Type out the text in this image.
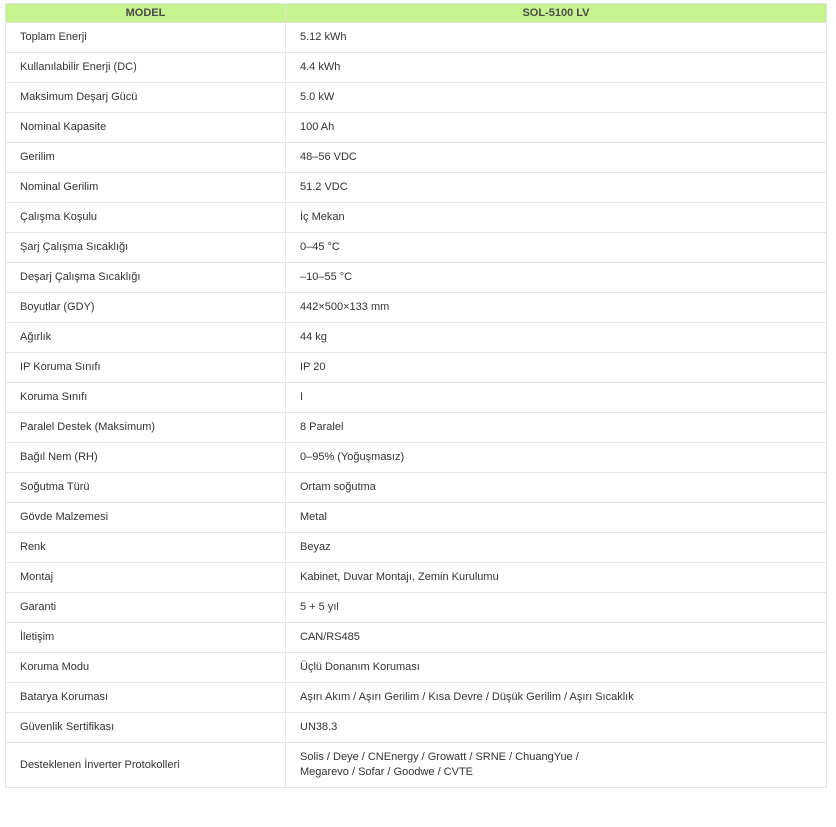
MODEL	SOL-5100 LV
Toplam Enerji	5.12 kWh
Kullanılabilir Enerji (DC)	4.4 kWh
Maksimum Deşarj Gücü	5.0 kW
Nominal Kapasite	100 Ah
Gerilim	48–56 VDC
Nominal Gerilim	51.2 VDC
Çalışma Koşulu	İç Mekan
Şarj Çalışma Sıcaklığı	0–45 °C
Deşarj Çalışma Sıcaklığı	–10–55 °C
Boyutlar (GDY)	442×500×133 mm
Ağırlık	44 kg
IP Koruma Sınıfı	IP 20
Koruma Sınıfı	I
Paralel Destek (Maksimum)	8 Paralel
Bağıl Nem (RH)	0–95% (Yoğuşmasız)
Soğutma Türü	Ortam soğutma
Gövde Malzemesi	Metal
Renk	Beyaz
Montaj	Kabinet, Duvar Montajı, Zemin Kurulumu
Garanti	5 + 5 yıl
İletişim	CAN/RS485
Koruma Modu	Üçlü Donanım Koruması
Batarya Koruması	Aşırı Akım / Aşırı Gerilim / Kısa Devre / Düşük Gerilim / Aşırı Sıcaklık
Güvenlik Sertifikası	UN38.3
Desteklenen İnverter Protokolleri	Solis / Deye / CNEnergy / Growatt / SRNE / ChuangYue /
Megarevo / Sofar / Goodwe / CVTE
